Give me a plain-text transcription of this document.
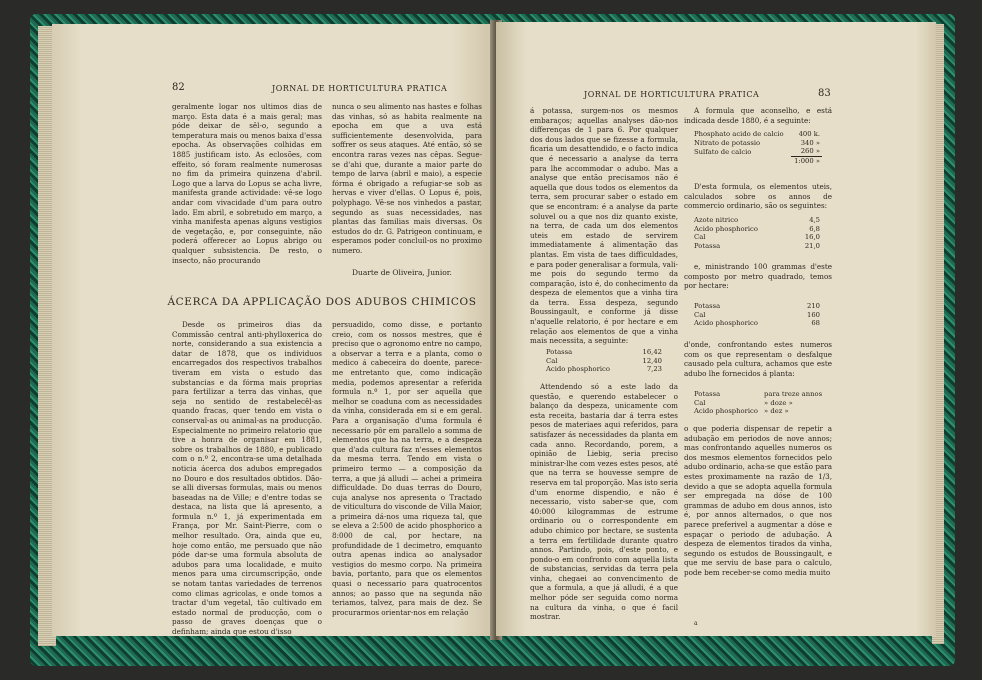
82	JORNAL DE HORTICULTURA PRATICA

geralmente logar nos ultimos dias de março. Esta data é a mais geral; mas póde deixar de sêl-o, segundo a temperatura mais ou menos baixa d'essa epocha. As observações colhidas em 1885 justificam isto. As eclosões, com effeito, só foram realmente numerosas no fim da primeira quinzena d'abril. Logo que a larva do Lopus se acha livre, manifesta grande actividade: vê-se logo andar com vivacidade d'um para outro lado. Em abril, e sobretudo em março, a vinha manifesta apenas alguns vestigios de vegetação, e, por conseguinte, não poderá offerecer ao Lopus abrigo ou qualquer subsistencia. De resto, o insecto, não procurando

nunca o seu alimento nas hastes e folhas das vinhas, só as habita realmente na epocha em que a uva está sufficientemente desenvolvida, para soffrer os seus ataques. Até então, só se encontra raras vezes nas cêpas. Segue-se d'ahi que, durante a maior parte do tempo de larva (abril e maio), a especie fórma é obrigado a refugiar-se sob as hervas e viver d'ellas. O Lopus é, pois, polyphago. Vê-se nos vinhedos a pastar, segundo as suas necessidades, nas plantas das familias mais diversas. Os estudos do dr. G. Patrigeon continuam, e esperamos poder concluil-os no proximo numero.

Duarte de Oliveira, Junior.
ÁCERCA DA APPLICAÇÃO DOS ADUBOS CHIMICOS

Desde os primeiros dias da Commissão central anti-phylloxerica do norte, considerando a sua existencia a datar de 1878, que os individuos encarregados dos respectivos trabalhos tiveram em vista o estudo das substancias e da fórma mais proprias para fertilizar a terra das vinhas, que seja no sentido de restabelecêl-as quando fracas, quer tendo em vista o conserval-as ou animal-as na producção. Especialmente no primeiro relatorio que tive a honra de organisar em 1881, sobre os trabalhos de 1880, e publicado com o n.º 2, encontra-se uma detalhada noticia ácerca dos adubos empregados no Douro e dos resultados obtidos. Dão-se alli diversas formulas, mais ou menos baseadas na de Ville; e d'entre todas se destaca, na lista que lá apresento, a formula n.º 1, já experimentada em França, por Mr. Saint-Pierre, com o melhor resultado. Ora, ainda que eu, hoje como então, me persuado que não póde dar-se uma formula absoluta de adubos para uma localidade, e muito menos para uma circumscripção, onde se notam tantas variedades de terrenos como climas agricolas, e onde tomos a tractar d'um vegetal, tão cultivado em estado normal de producção, com o passo de graves doenças que o definham; ainda que estou d'isso

persuadido, como disse, e portanto creio, com os nossos mestres, que é preciso que o agronomo entre no campo, a observar a terra e a planta, como o medico á cabeceira do doente, parece-me entretanto que, como indicação media, podemos apresentar a referida formula n.º 1, por ser aquella que melhor se coaduna com as necessidades da vinha, considerada em si e em geral. Para a organisação d'uma formula é necessario pôr em parallelo a somma de elementos que ha na terra, e a despeza que d'ada cultura faz n'esses elementos da mesma terra. Tendo em vista o primeiro termo — a composição da terra, a que já alludi — achei a primeira difficuldade. Do duas terras do Douro, cuja analyse nos apresenta o Tractado de viticultura do visconde de Villa Maior, a primeira dá-nos uma riqueza tal, que se eleva a 2:500 de acido phosphorico a 8:000 de cal, por hectare, na profundidade de 1 decimetro, emquanto outra apenas indica ao analysador vestigios do mesmo corpo. Na primeira bavia, portanto, para que os elementos quasi o necessario para quatrocentos annos; ao passo que na segunda não teriamos, talvez, para mais de dez. Se procurarmos orientar-nos em relação

JORNAL DE HORTICULTURA PRATICA	83

á potassa, surgem-nos os mesmos embaraços; aquellas analyses dão-nos differenças de 1 para 6. Por qualquer dos dous lados que se fizesse a formula, ficaria um desattendido, e o facto indica que é necessario a analyse da terra para lhe accommodar o adubo. Mas a analyse que então precisamos não é aquella que dous todos os elementos da terra, sem procurar saber o estado em que se encontram: é a analyse da parte soluvel ou a que nos diz quanto existe, na terra, de cada um dos elementos uteis em estado de servirem immediatamente á alimentação das plantas. Em vista de taes difficuldades, e para poder generalisar a formula, vali-me pois do segundo termo da comparação, isto é, do conhecimento da despeza de elementos que a vinha tira da terra. Essa despeza, segundo Boussingault, e conforme já disse n'aquelle relatorio, é por hectare e em relação aos elementos de que a vinha mais necessita, a seguinte:

Potassa	16,42
Cal	12,40
Acido phosphorico	7,23

Attendendo só a este lado da questão, e querendo estabelecer o balanço da despeza, unicamente com esta receita, bastaria dar á terra estes pesos de materiaes aqui referidos, para satisfazer ás necessidades da planta em cada anno. Recordando, porem, a opinião de Liebig, seria preciso ministrar-lhe com vezes estes pesos, até que na terra se houvesse sempre de reserva em tal proporção. Mas isto seria d'um enorme dispendio, e não é necessario, visto saber-se que, com 40:000 kilogrammas de estrume ordinario ou o correspondente em adubo chimico por hectare, se sustenta a terra em fertilidade durante quatro annos. Partindo, pois, d'este ponto, e pondo-o em confronto com aquella lista de substancias, servidas da terra pela vinha, chegaei ao convencimento de que a formula, a que já alludi, é a que melhor póde ser seguida como norma na cultura da vinha, o que é facil mostrar.

A formula que aconselho, e está indicada desde 1880, é a seguinte:

Phosphato acido de calcio	400 k.
Nitrato de potassio	340 »
Sulfato de calcio	260 »
	1:000 »

D'esta formula, os elementos uteis, calculados sobre os annos de commercio ordinario, são os seguintes:

Azote nitrico	4,5
Acido phosphorico	6,8
Cal	16,0
Potassa	21,0

e, ministrando 100 grammas d'este composto por metro quadrado, temos por hectare:

Potassa	210
Cal	160
Acido phosphorico	68

d'onde, confrontando estes numeros com os que representam o desfalque causado pela cultura, achamos que este adubo lhe fornecidos á planta:

Potassa	para treze annos
Cal	» doze »
Acido phosphorico	» dez »

o que poderia dispensar de repetir a adubação em periodos de nove annos; mas confrontando aquelles numeros os dos mesmos elementos fornecidos pelo adubo ordinario, acha-se que estão para estes proximamente na razão de 1/3, devido a que se adopta aquella formula ser empregada na dóse de 100 grammas de adubo em dous annos, isto é, por annos alternados, o que nos parece preferivel a augmentar a dóse e espaçar o periodo de adubação. A despeza de elementos tirados da vinha, segundo os estudos de Boussingault, e que me serviu de base para o calculo, pode bem receber-se como media muito

a
